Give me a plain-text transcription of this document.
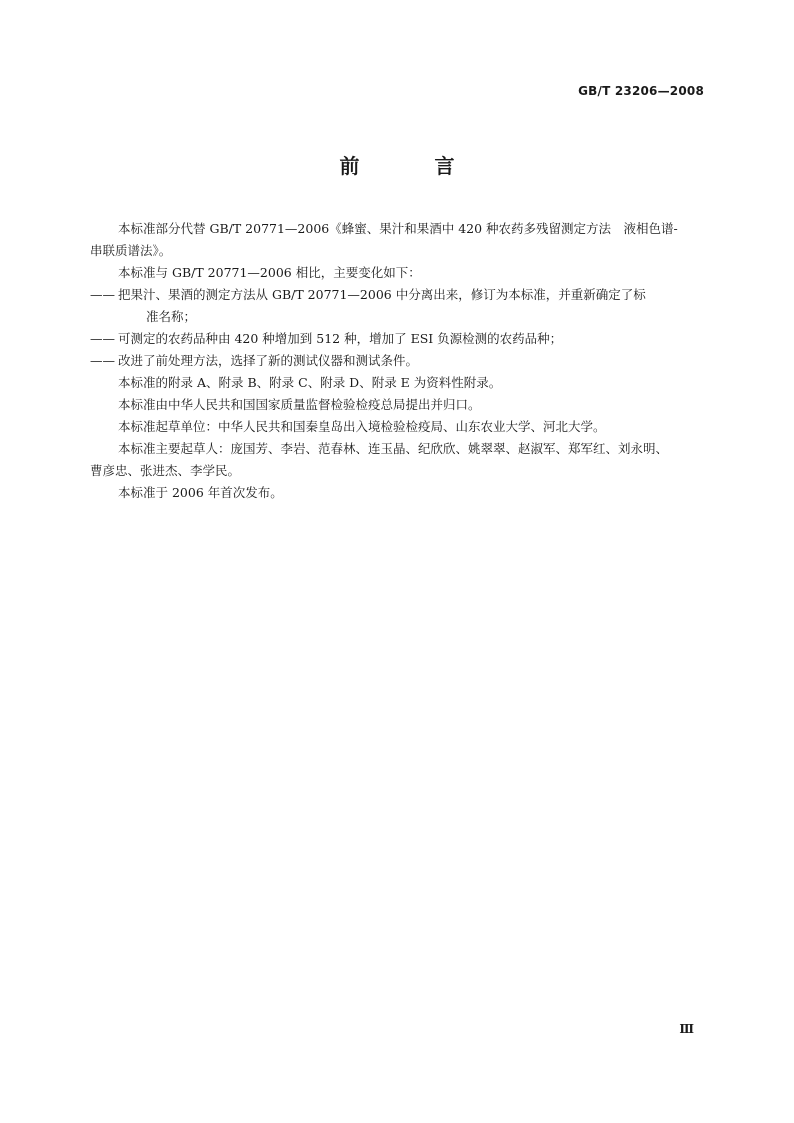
GB/T 23206—2008
前 言

本标准部分代替 GB/T 20771—2006《蜂蜜、果汁和果酒中 420 种农药多残留测定方法　液相色谱-

串联质谱法》。

本标准与 GB/T 20771—2006 相比，主要变化如下：

—— 把果汁、果酒的测定方法从 GB/T 20771—2006 中分离出来，修订为本标准，并重新确定了标

准名称；

—— 可测定的农药品种由 420 种增加到 512 种，增加了 ESI 负源检测的农药品种；

—— 改进了前处理方法，选择了新的测试仪器和测试条件。

本标准的附录 A、附录 B、附录 C、附录 D、附录 E 为资料性附录。

本标准由中华人民共和国国家质量监督检验检疫总局提出并归口。

本标准起草单位：中华人民共和国秦皇岛出入境检验检疫局、山东农业大学、河北大学。

本标准主要起草人：庞国芳、李岩、范春林、连玉晶、纪欣欣、姚翠翠、赵淑军、郑军红、刘永明、

曹彦忠、张进杰、李学民。

本标准于 2006 年首次发布。

Ⅲ
